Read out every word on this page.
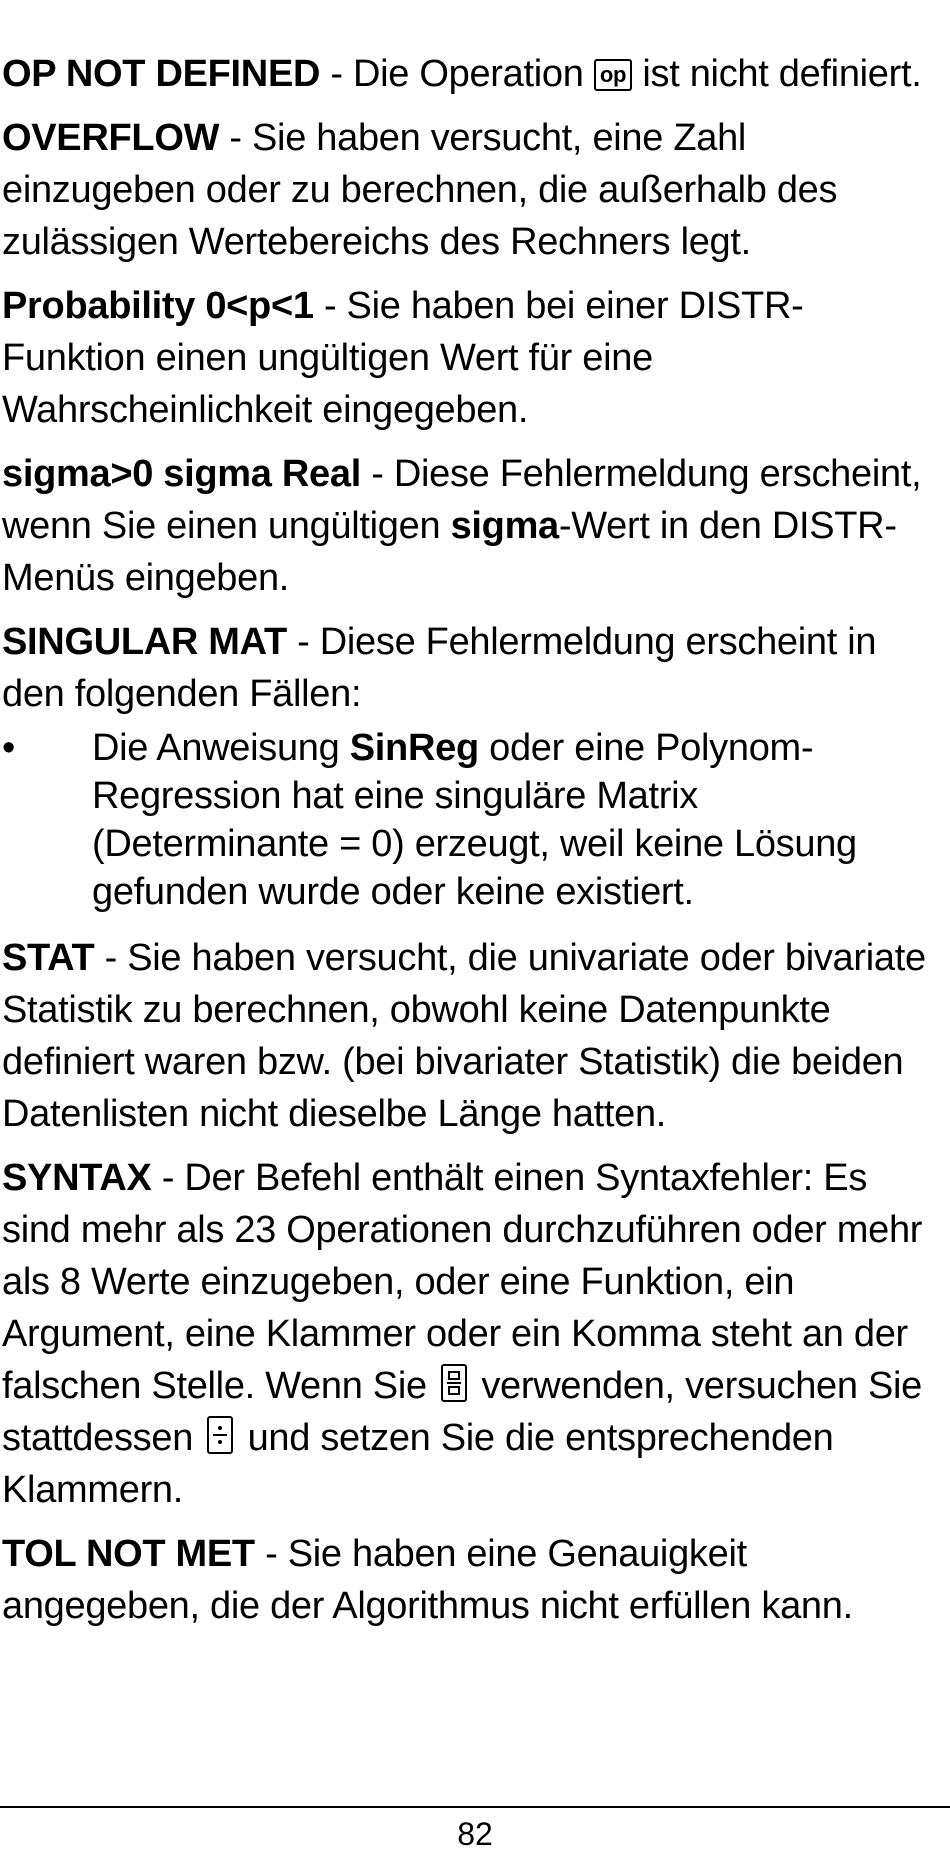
OP NOT DEFINED - Die Operation op ist nicht definiert.

OVERFLOW - Sie haben versucht, eine Zahl einzugeben oder zu berechnen, die außerhalb des zulässigen Wertebereichs des Rechners legt.

Probability 0<p<1 - Sie haben bei einer DISTR-Funktion einen ungültigen Wert für eine Wahrscheinlichkeit eingegeben.

sigma>0 sigma Real - Diese Fehlermeldung erscheint, wenn Sie einen ungültigen sigma-Wert in den DISTR-Menüs eingeben.

SINGULAR MAT - Diese Fehlermeldung erscheint in den folgenden Fällen:

•	Die Anweisung SinReg oder eine Polynom-Regression hat eine singuläre Matrix (Determinante = 0) erzeugt, weil keine Lösung gefunden wurde oder keine existiert.

STAT - Sie haben versucht, die univariate oder bivariate Statistik zu berechnen, obwohl keine Datenpunkte definiert waren bzw. (bei bivariater Statistik) die beiden Datenlisten nicht dieselbe Länge hatten.

SYNTAX - Der Befehl enthält einen Syntaxfehler: Es sind mehr als 23 Operationen durchzuführen oder mehr als 8 Werte einzugeben, oder eine Funktion, ein Argument, eine Klammer oder ein Komma steht an der falschen Stelle. Wenn Sie
verwenden, versuchen Sie stattdessen
und setzen Sie die entsprechenden Klammern.

TOL NOT MET - Sie haben eine Genauigkeit angegeben, die der Algorithmus nicht erfüllen kann.

82
